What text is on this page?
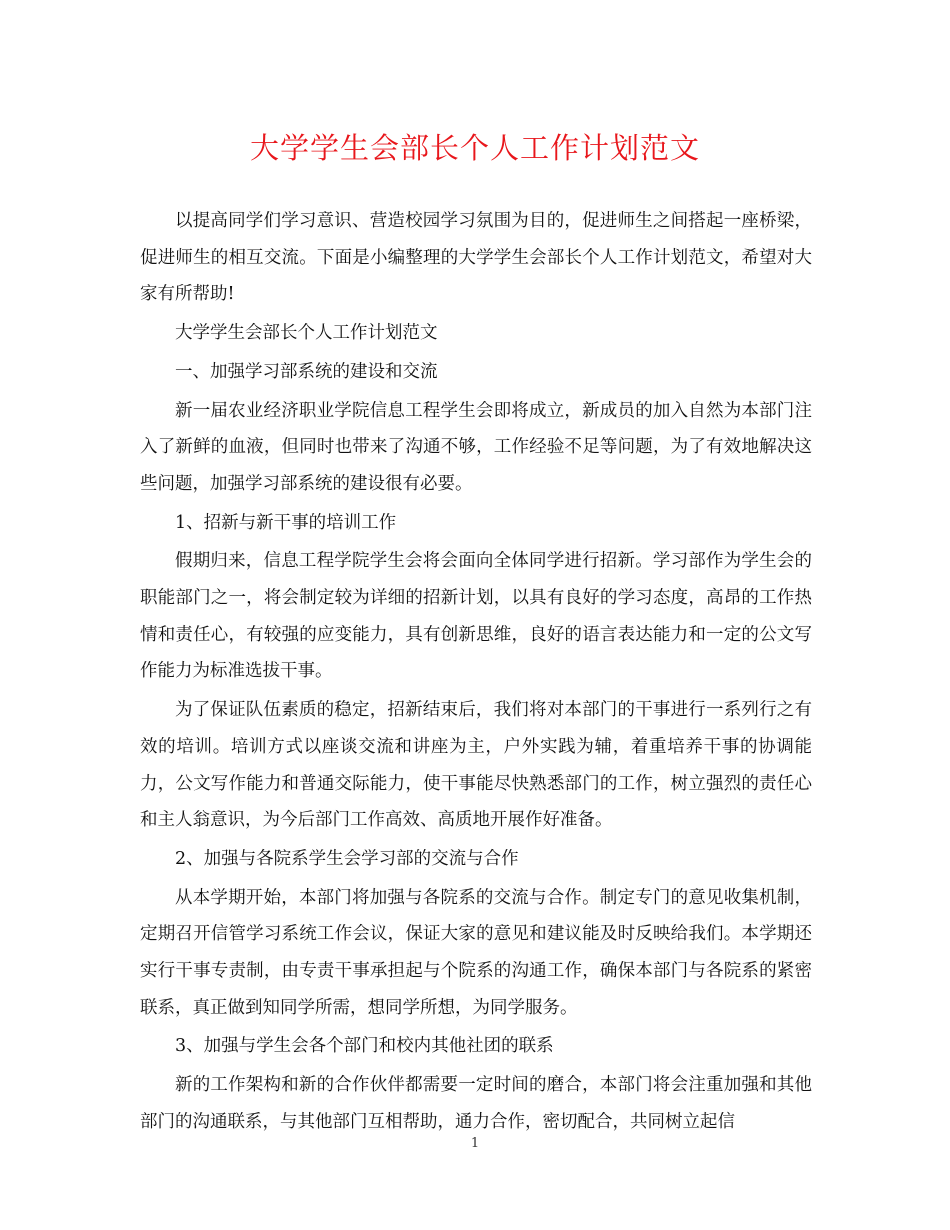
大学学生会部长个人工作计划范文

以提高同学们学习意识、营造校园学习氛围为目的，促进师生之间搭起一座桥梁，促进师生的相互交流。下面是小编整理的大学学生会部长个人工作计划范文，希望对大家有所帮助!

大学学生会部长个人工作计划范文

一、加强学习部系统的建设和交流

新一届农业经济职业学院信息工程学生会即将成立，新成员的加入自然为本部门注入了新鲜的血液，但同时也带来了沟通不够，工作经验不足等问题，为了有效地解决这些问题，加强学习部系统的建设很有必要。

1、招新与新干事的培训工作

假期归来，信息工程学院学生会将会面向全体同学进行招新。学习部作为学生会的职能部门之一，将会制定较为详细的招新计划，以具有良好的学习态度，高昂的工作热情和责任心，有较强的应变能力，具有创新思维，良好的语言表达能力和一定的公文写作能力为标准选拔干事。

为了保证队伍素质的稳定，招新结束后，我们将对本部门的干事进行一系列行之有效的培训。培训方式以座谈交流和讲座为主，户外实践为辅，着重培养干事的协调能力，公文写作能力和普通交际能力，使干事能尽快熟悉部门的工作，树立强烈的责任心和主人翁意识，为今后部门工作高效、高质地开展作好准备。

2、加强与各院系学生会学习部的交流与合作

从本学期开始，本部门将加强与各院系的交流与合作。制定专门的意见收集机制，定期召开信管学习系统工作会议，保证大家的意见和建议能及时反映给我们。本学期还实行干事专责制，由专责干事承担起与个院系的沟通工作，确保本部门与各院系的紧密联系，真正做到知同学所需，想同学所想，为同学服务。

3、加强与学生会各个部门和校内其他社团的联系

新的工作架构和新的合作伙伴都需要一定时间的磨合，本部门将会注重加强和其他部门的沟通联系，与其他部门互相帮助，通力合作，密切配合，共同树立起信

1
